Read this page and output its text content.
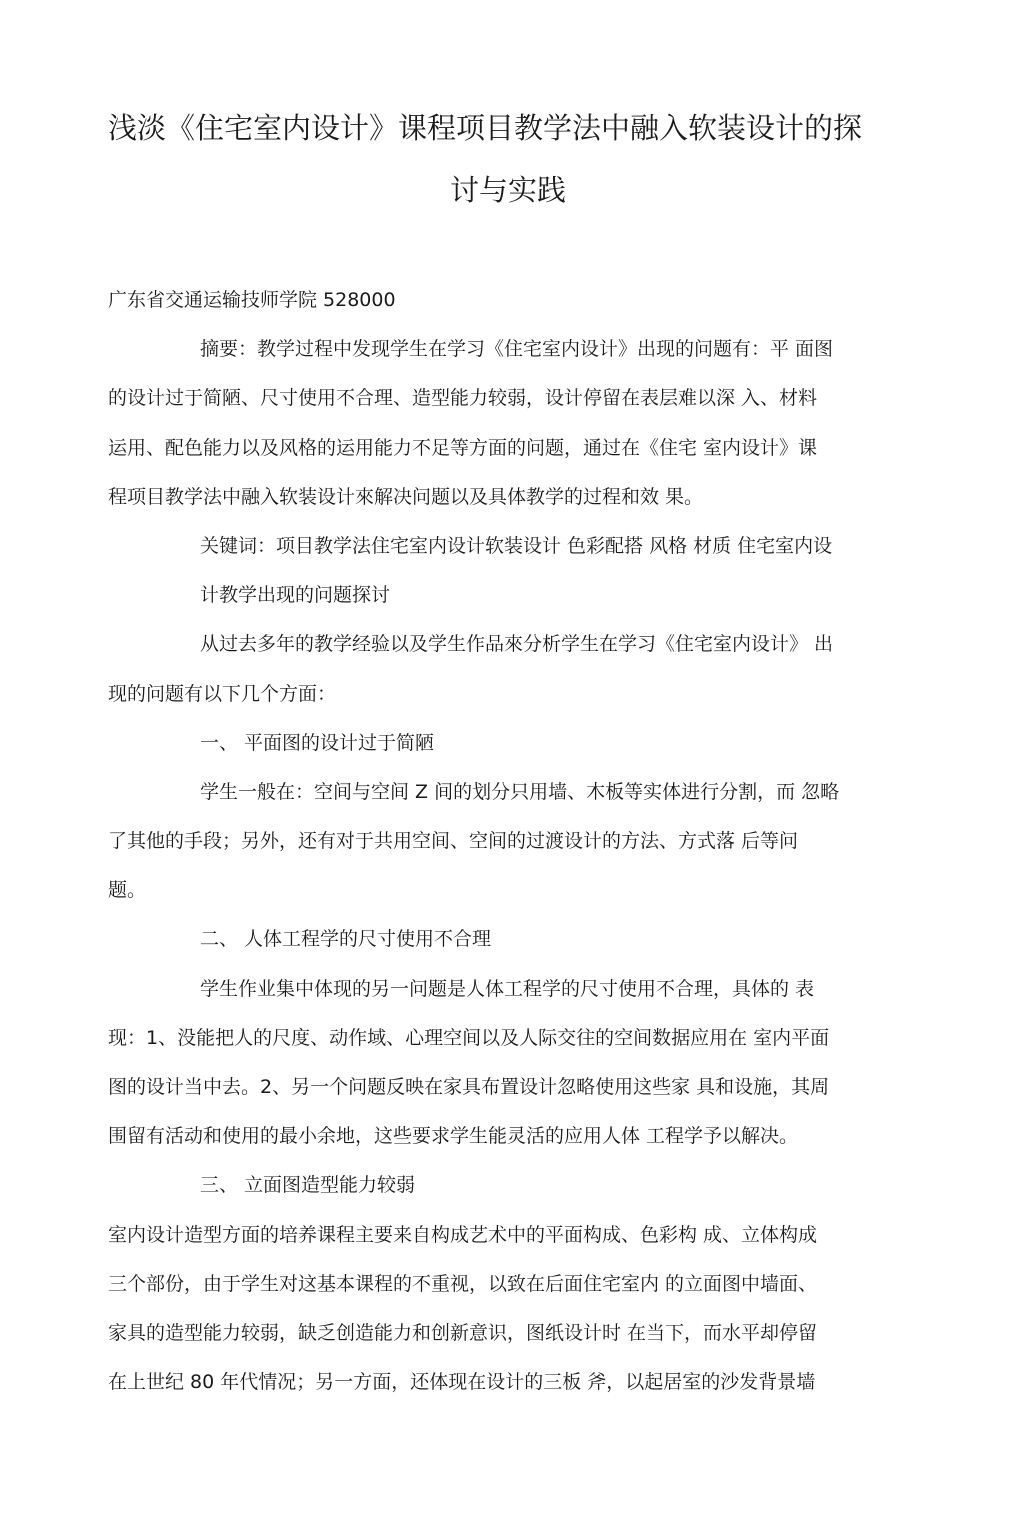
浅淡《住宅室内设计》课程项目教学法中融入软装设计的探
讨与实践
广东省交通运输技师学院 528000
摘要：教学过程中发现学生在学习《住宅室内设计》出现的问题有：平 面图
的设计过于简陋、尺寸使用不合理、造型能力较弱，设计停留在表层难以深 入、材料
运用、配色能力以及风格的运用能力不足等方面的问题，通过在《住宅 室内设计》课
程项目教学法中融入软装设计來解决问题以及具体教学的过程和效 果。
关键词：项目教学法住宅室内设计软装设计 色彩配搭 风格 材质 住宅室内设
计教学出现的问题探讨
从过去多年的教学经验以及学生作品來分析学生在学习《住宅室内设计》 出
现的问题有以下几个方面：
一、 平面图的设计过于简陋
学生一般在：空间与空间 Z 间的划分只用墙、木板等实体进行分割，而 忽略
了其他的手段；另外，还有对于共用空间、空间的过渡设计的方法、方式落 后等问
题。
二、 人体工程学的尺寸使用不合理
学生作业集中体现的另一问题是人体工程学的尺寸使用不合理，具体的 表
现：1、没能把人的尺度、动作域、心理空间以及人际交往的空间数据应用在 室内平面
图的设计当中去。2、另一个问题反映在家具布置设计忽略使用这些家 具和设施，其周
围留有活动和使用的最小余地，这些要求学生能灵活的应用人体 工程学予以解决。
三、 立面图造型能力较弱
室内设计造型方面的培养课程主要来自构成艺术中的平面构成、色彩构 成、立体构成
三个部份，由于学生对这基本课程的不重视，以致在后面住宅室内 的立面图中墙面、
家具的造型能力较弱，缺乏创造能力和创新意识，图纸设计时 在当下，而水平却停留
在上世纪 80 年代情况；另一方面，还体现在设计的三板 斧，以起居室的沙发背景墙
